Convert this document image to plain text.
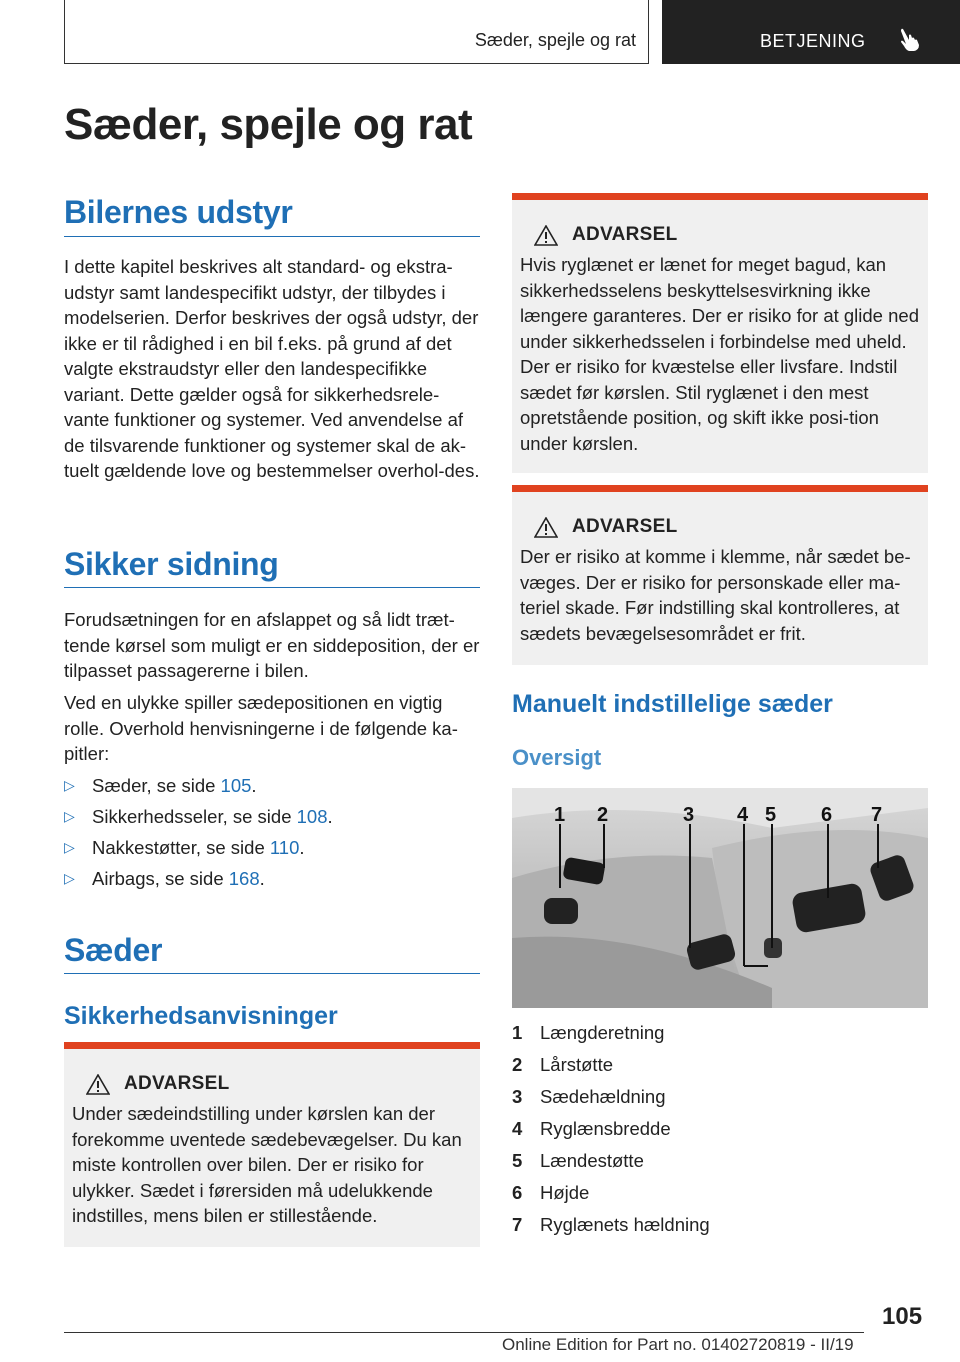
Sæder, spejle og rat	BETJENING
Sæder, spejle og rat
Bilernes udstyr
I dette kapitel beskrives alt standard- og ekstra-udstyr samt landespecifikt udstyr, der tilbydes i modelserien. Derfor beskrives der også udstyr, der ikke er til rådighed i en bil f.eks. på grund af det valgte ekstraudstyr eller den landespecifikke variant. Dette gælder også for sikkerhedsrele-vante funktioner og systemer. Ved anvendelse af de tilsvarende funktioner og systemer skal de ak-tuelt gældende love og bestemmelser overhol-des.
Sikker sidning
Forudsætningen for en afslappet og så lidt træt-tende kørsel som muligt er en siddeposition, der er tilpasset passagererne i bilen.
Ved en ulykke spiller sædepositionen en vigtig rolle. Overhold henvisningerne i de følgende ka-pitler:
▷ Sæder, se side 105.
▷ Sikkerhedsseler, se side 108.
▷ Nakkestøtter, se side 110.
▷ Airbags, se side 168.
Sæder
Sikkerhedsanvisninger
ADVARSEL
Under sædeindstilling under kørslen kan der forekomme uventede sædebevægelser. Du kan miste kontrollen over bilen. Der er risiko for ulykker. Sædet i førersiden må udelukkende indstilles, mens bilen er stillestående.
ADVARSEL
Hvis ryglænet er lænet for meget bagud, kan sikkerhedsselens beskyttelsesvirkning ikke længere garanteres. Der er risiko for at glide ned under sikkerhedsselen i forbindelse med uheld. Der er risiko for kvæstelse eller livsfare. Indstil sædet før kørslen. Stil ryglænet i den mest opretstående position, og skift ikke posi-tion under kørslen.
ADVARSEL
Der er risiko at komme i klemme, når sædet be-væges. Der er risiko for personskade eller ma-teriel skade. Før indstilling skal kontrolleres, at sædets bevægelsesområdet er frit.
Manuelt indstillelige sæder
Oversigt
1 2	3 4 5 6 7
1 Længderetning
2 Lårstøtte
3 Sædehældning
4 Ryglænsbredde
5 Lændestøtte
6 Højde
7 Ryglænets hældning
105
Online Edition for Part no. 01402720819 - II/19
